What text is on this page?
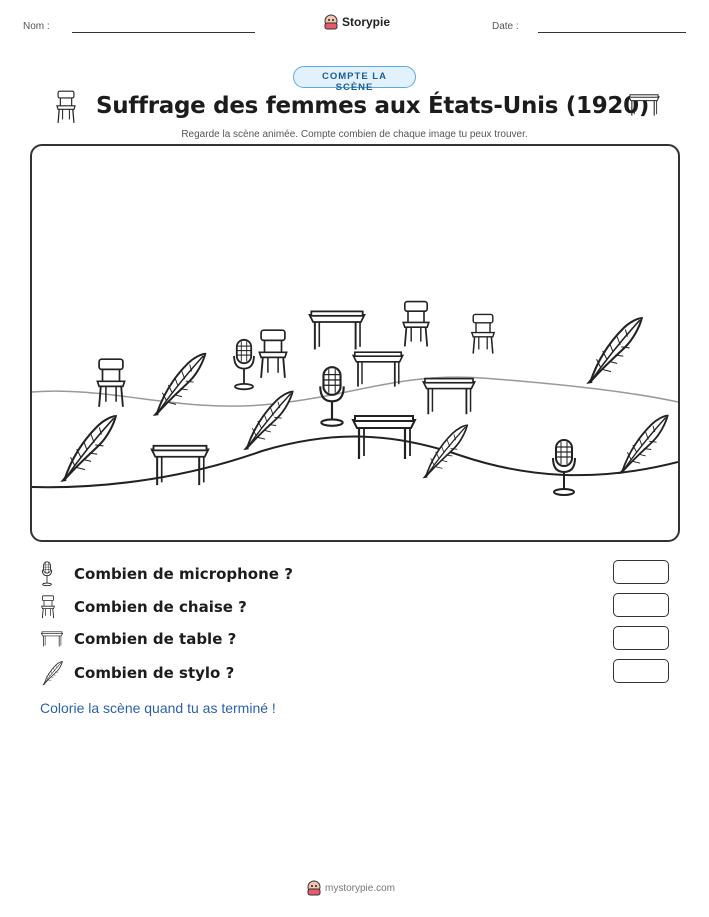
Nom :	Storypie	Date :
COMPTE LA SCÈNE
Suffrage des femmes aux États-Unis (1920)
Regarde la scène animée. Compte combien de chaque image tu peux trouver.
Combien de microphone ?
Combien de chaise ?
Combien de table ?
Combien de stylo ?
Colorie la scène quand tu as terminé !
mystorypie.com
